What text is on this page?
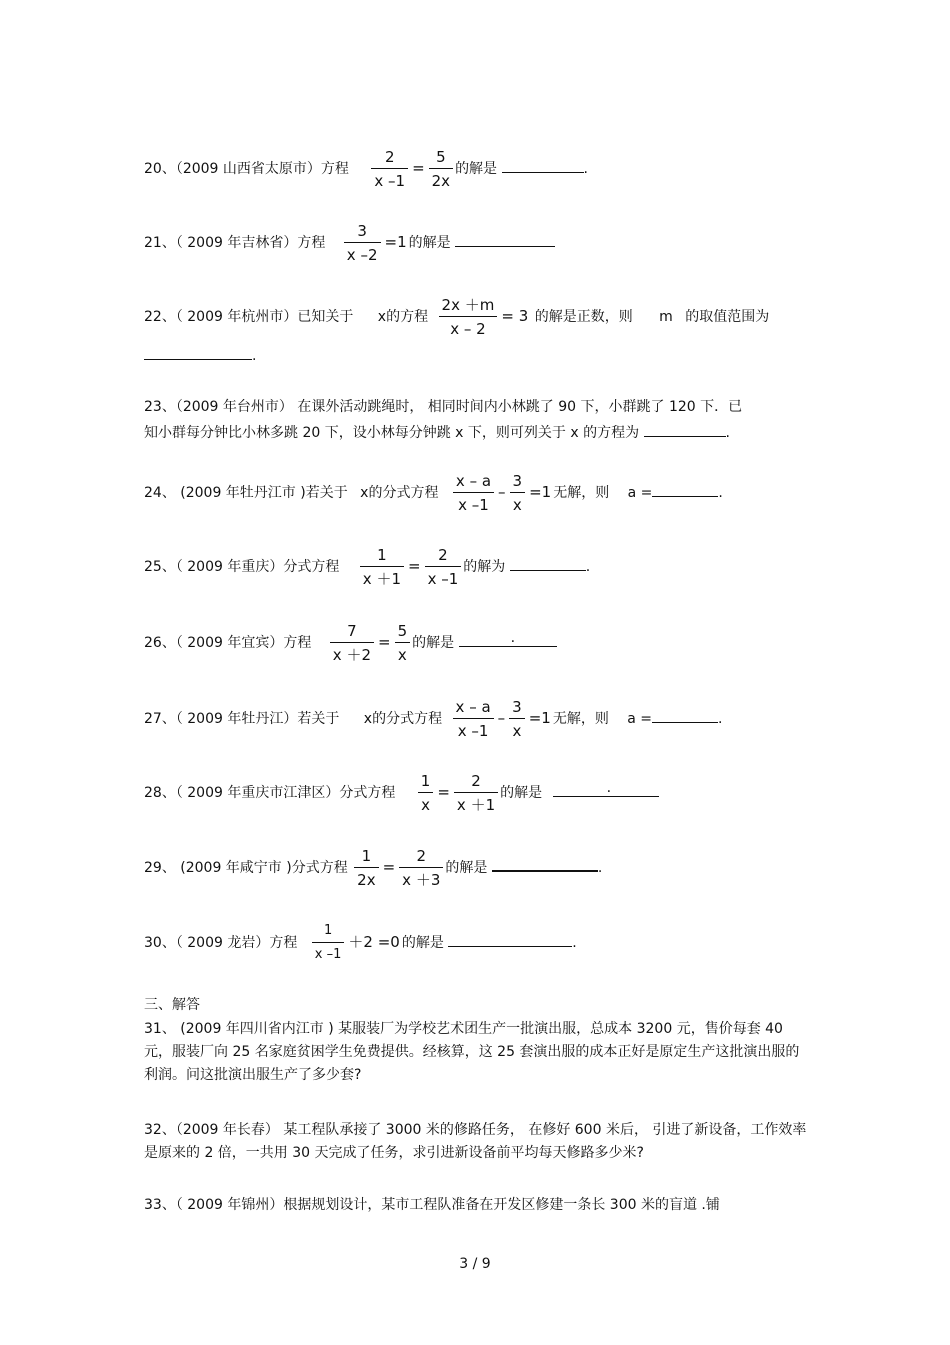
20、（2009 山西省太原市）方程 $\frac{2}{x -1} = \frac{5}{2x}$ 的解是	.
21、（ 2009 年吉林省）方程 $\frac{3}{x -2} =1$ 的解是
22、（ 2009 年杭州市）已知关于 x的方程 $\frac{2x +m}{x - 2} = 3$ 的解是正数，则 m 的取值范围为
.
23、（2009 年台州市） 在课外活动跳绳时， 相同时间内小林跳了 90 下，小群跳了 120 下．已
知小群每分钟比小林多跳 20 下，设小林每分钟跳 x 下，则可列关于 x 的方程为	.
24、 (2009 年牡丹江市 )若关于 x的分式方程 $\frac{x - a}{x -1} - \frac{3}{x} =1$ 无解，则 a =	.
25、（ 2009 年重庆）分式方程 $\frac{1}{x +1} = \frac{2}{x -1}$ 的解为	.
26、（ 2009 年宜宾）方程 $\frac{7}{x +2} = \frac{5}{x}$ 的解是	.
27、（ 2009 年牡丹江）若关于 x的分式方程 $\frac{x - a}{x -1} - \frac{3}{x} =1$ 无解，则 a =	.
28、（ 2009 年重庆市江津区）分式方程 $\frac{1}{x} = \frac{2}{x +1}$ 的解是	.
29、 (2009 年咸宁市 )分式方程 $\frac{1}{2x} = \frac{2}{x +3}$ 的解是	.
30、（ 2009 龙岩）方程 $\frac{1}{x -1} +2 =0$ 的解是	.
三、解答
31、 (2009 年四川省内江市 ) 某服装厂为学校艺术团生产一批演出服，总成本 3200 元，售价每套 40 元，服装厂向 25 名家庭贫困学生免费提供。经核算，这 25 套演出服的成本正好是原定生产这批演出服的利润。问这批演出服生产了多少套?
32、（2009 年长春） 某工程队承接了 3000 米的修路任务， 在修好 600 米后， 引进了新设备，工作效率是原来的 2 倍，一共用 30 天完成了任务，求引进新设备前平均每天修路多少米?
33、（ 2009 年锦州）根据规划设计，某市工程队准备在开发区修建一条长 300 米的盲道 .铺
3 / 9
